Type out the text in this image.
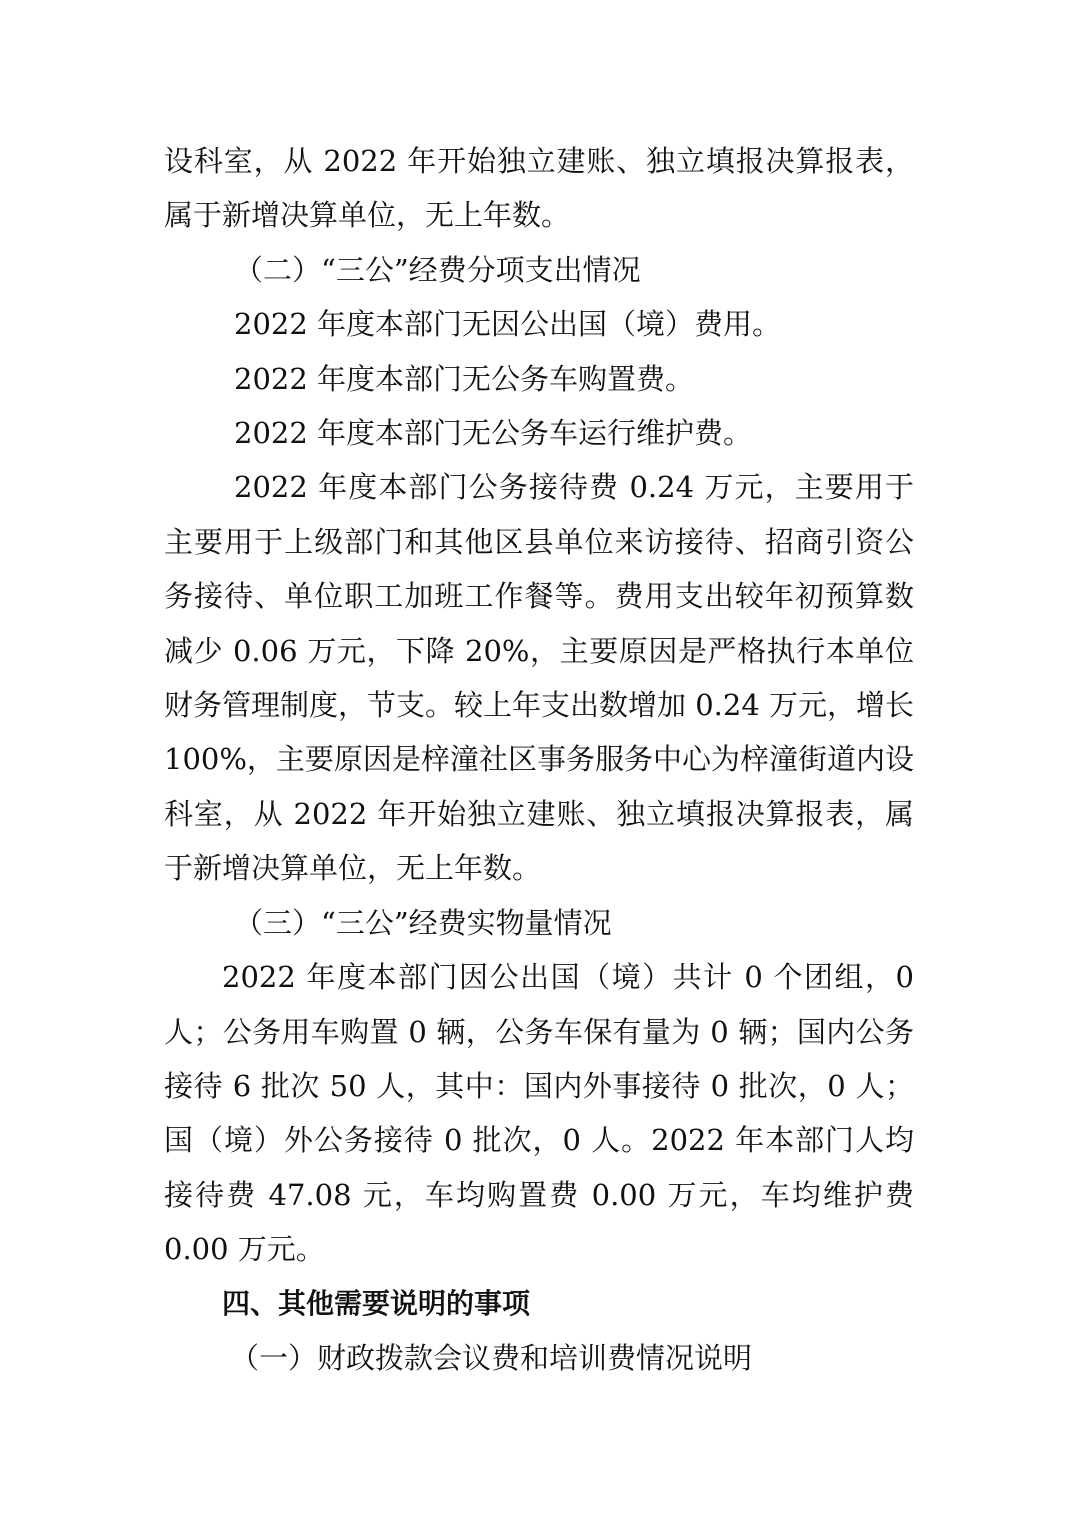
设科室，从 2022 年开始独立建账、独立填报决算报表，属于新增决算单位，无上年数。

（二）“三公”经费分项支出情况

2022 年度本部门无因公出国（境）费用。

2022 年度本部门无公务车购置费。

2022 年度本部门无公务车运行维护费。

2022 年度本部门公务接待费 0.24 万元，主要用于主要用于上级部门和其他区县单位来访接待、招商引资公务接待、单位职工加班工作餐等。费用支出较年初预算数减少 0.06 万元，下降 20%，主要原因是严格执行本单位财务管理制度，节支。较上年支出数增加 0.24 万元，增长 100%，主要原因是梓潼社区事务服务中心为梓潼街道内设科室，从 2022 年开始独立建账、独立填报决算报表，属于新增决算单位，无上年数。

（三）“三公”经费实物量情况

2022 年度本部门因公出国（境）共计 0 个团组，0 人；公务用车购置 0 辆，公务车保有量为 0 辆；国内公务接待 6 批次 50 人，其中：国内外事接待 0 批次，0 人；国（境）外公务接待 0 批次，0 人。2022 年本部门人均接待费 47.08 元，车均购置费 0.00 万元，车均维护费 0.00 万元。

四、其他需要说明的事项

（一）财政拨款会议费和培训费情况说明
